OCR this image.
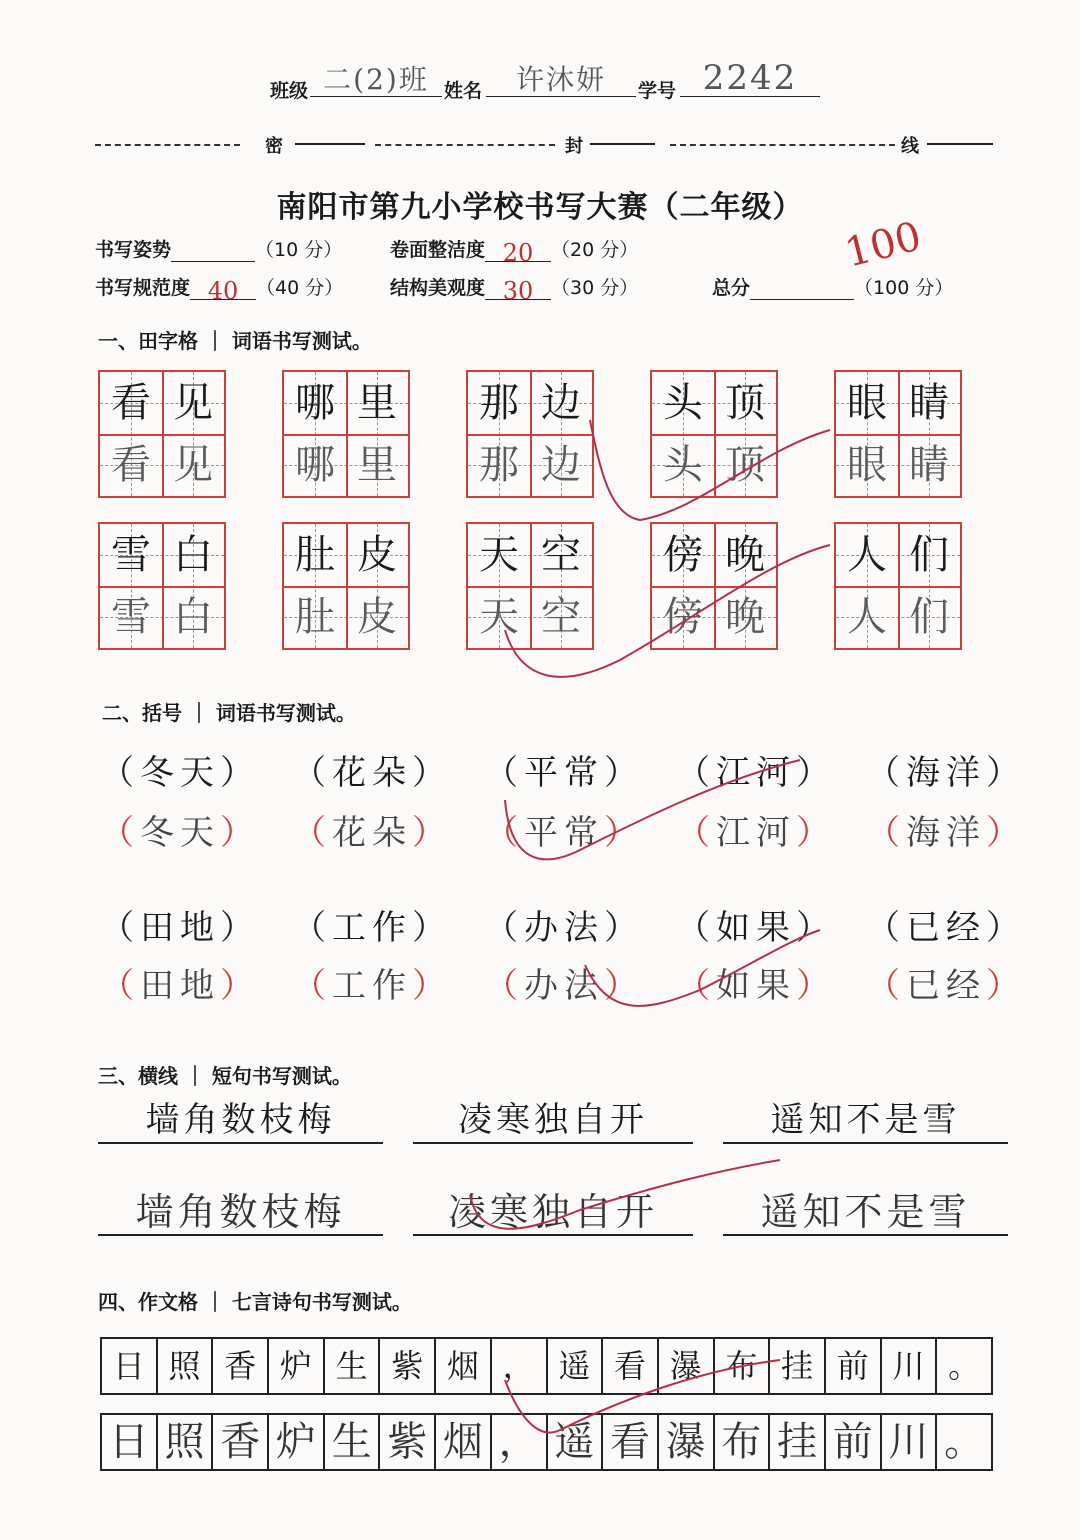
班级 二(2)班 姓名	许沐妍	学号 2242
密	封	线
南阳市第九小学校书写大赛（二年级）
书写姿势	（10 分）	卷面整洁度 20 （20 分）
书写规范度 40 （40 分） 结构美观度 30 （30 分）	总分	（100 分）
100
一、田字格 ｜ 词语书写测试。
看 见
看 见
哪 里
哪 里
那 边
那 边
头 顶
头 顶
眼 睛
眼 睛
雪 白
雪 白
肚 皮
肚 皮
天 空
天 空
傍 晚
傍 晚
人 们
人 们
二、括号 ｜ 词语书写测试。
（冬天）
（冬天）
（花朵）
（花朵）
（平常）
（平常）
（江河）
（江河）
（海洋）
（海洋）
（田地）
（田地）
（工作）
（工作）
（办法）
（办法）
（如果）
（如果）
（已经）
（已经）
三、横线 ｜ 短句书写测试。
墙角数枝梅	凌寒独自开	遥知不是雪
墙角数枝梅	凌寒独自开	遥知不是雪
四、作文格 ｜ 七言诗句书写测试。
日 照 香 炉 生 紫 烟 ， 遥 看 瀑 布 挂 前 川 。
日 照 香 炉 生 紫 烟 ， 遥 看 瀑 布 挂 前 川 。
